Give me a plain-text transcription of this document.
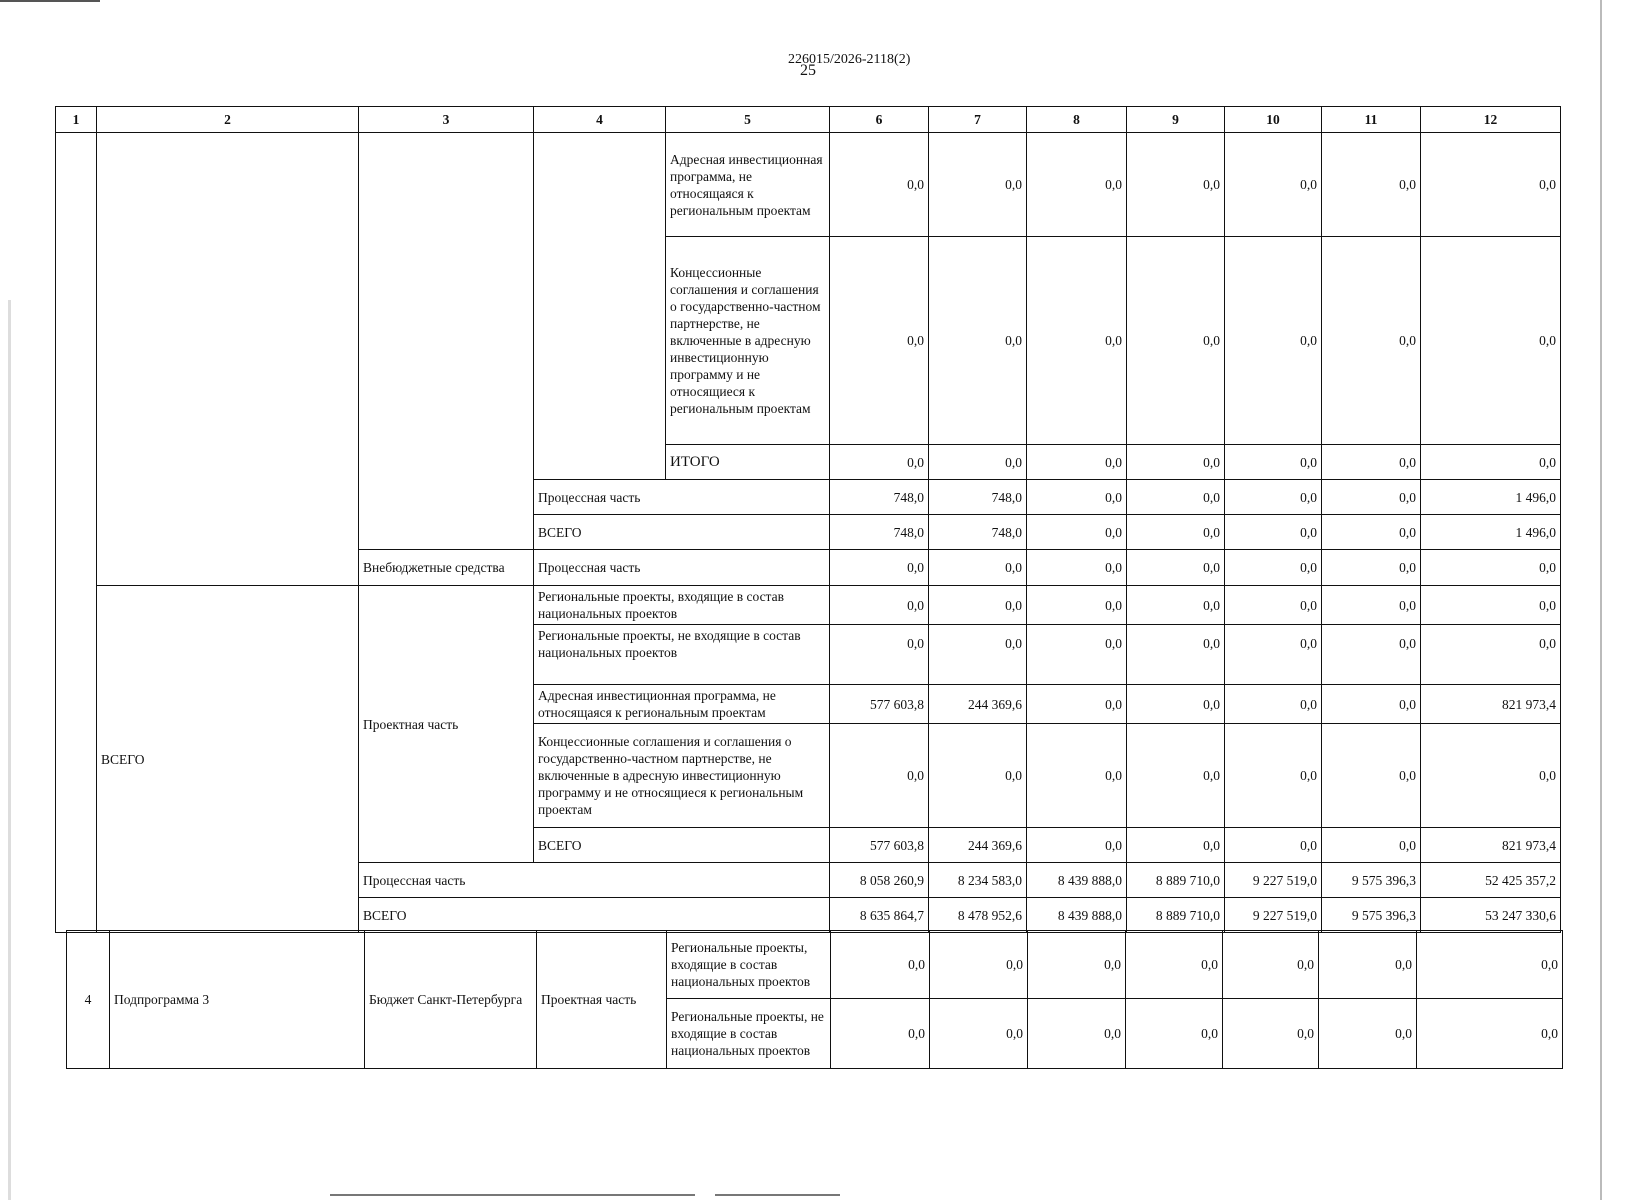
226015/2026-2118(2)
25
1	2	3	4	5	6	7	8	9	10	11	12
				Адресная инвестиционная программа, не относящаяся к региональным проектам	0,0	0,0	0,0	0,0	0,0	0,0	0,0
				Концессионные соглашения и соглашения о государственно-частном партнерстве, не включенные в адресную инвестиционную программу и не относящиеся к региональным проектам	0,0	0,0	0,0	0,0	0,0	0,0	0,0
				ИТОГО	0,0	0,0	0,0	0,0	0,0	0,0	0,0
			Процессная часть		748,0	748,0	0,0	0,0	0,0	0,0	1 496,0
			ВСЕГО		748,0	748,0	0,0	0,0	0,0	0,0	1 496,0
		Внебюджетные средства	Процессная часть		0,0	0,0	0,0	0,0	0,0	0,0	0,0
	ВСЕГО	Проектная часть	Региональные проекты, входящие в состав национальных проектов		0,0	0,0	0,0	0,0	0,0	0,0	0,0
			Региональные проекты, не входящие в состав национальных проектов		0,0	0,0	0,0	0,0	0,0	0,0	0,0
			Адресная инвестиционная программа, не относящаяся к региональным проектам		577 603,8	244 369,6	0,0	0,0	0,0	0,0	821 973,4
			Концессионные соглашения и соглашения о государственно-частном партнерстве, не включенные в адресную инвестиционную программу и не относящиеся к региональным проектам		0,0	0,0	0,0	0,0	0,0	0,0	0,0
			ВСЕГО		577 603,8	244 369,6	0,0	0,0	0,0	0,0	821 973,4
		Процессная часть			8 058 260,9	8 234 583,0	8 439 888,0	8 889 710,0	9 227 519,0	9 575 396,3	52 425 357,2
		ВСЕГО			8 635 864,7	8 478 952,6	8 439 888,0	8 889 710,0	9 227 519,0	9 575 396,3	53 247 330,6
4	Подпрограмма 3	Бюджет Санкт-Петербурга	Проектная часть	Региональные проекты, входящие в состав национальных проектов	0,0	0,0	0,0	0,0	0,0	0,0	0,0
				Региональные проекты, не входящие в состав национальных проектов	0,0	0,0	0,0	0,0	0,0	0,0	0,0
